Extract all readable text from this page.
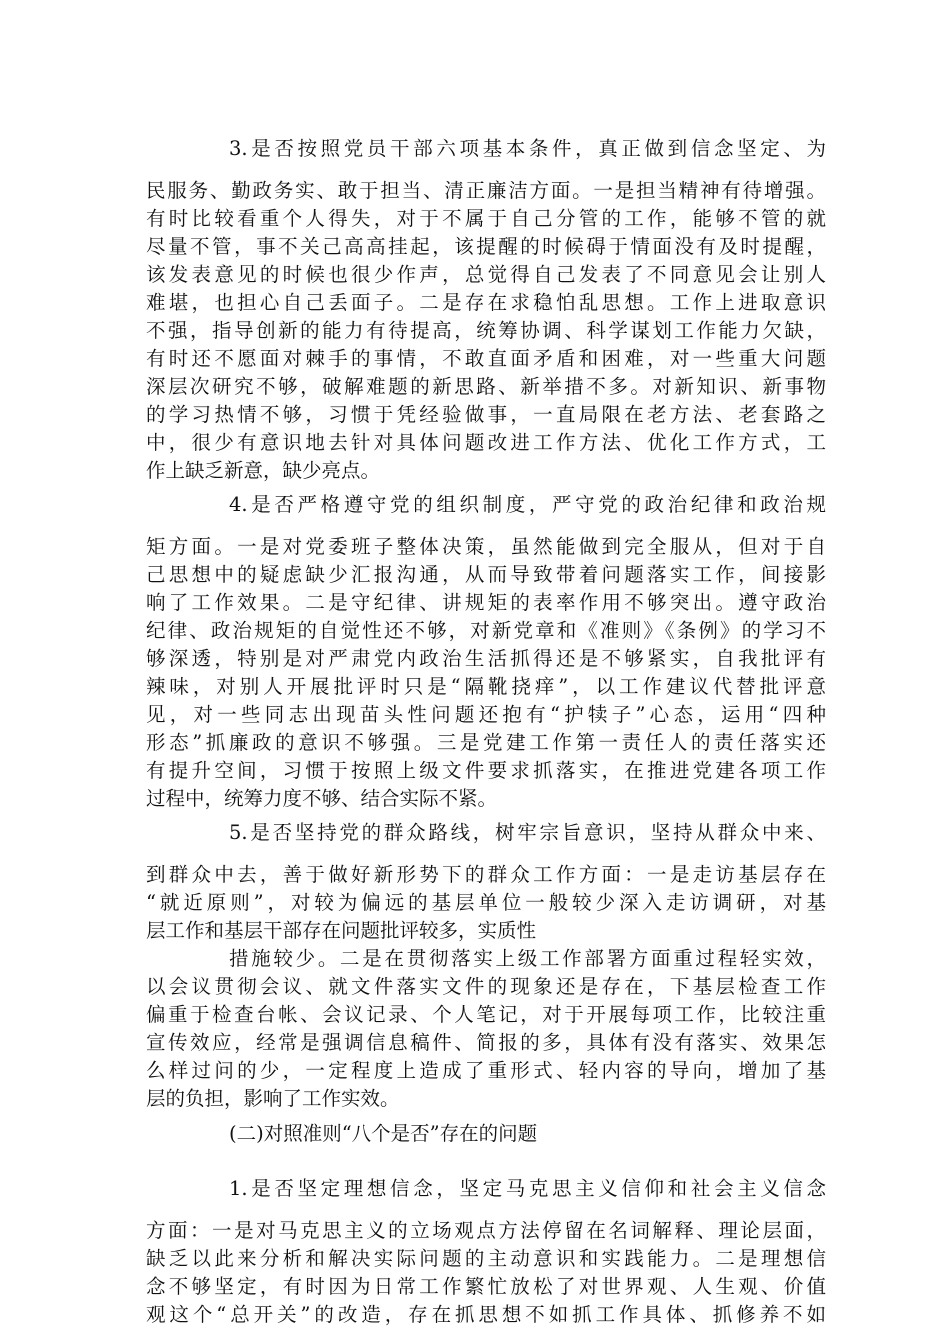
3.是否按照党员干部六项基本条件，真正做到信念坚定、为
民服务、勤政务实、敢于担当、清正廉洁方面。一是担当精神有待增强。
有时比较看重个人得失，对于不属于自己分管的工作，能够不管的就
尽量不管，事不关己高高挂起，该提醒的时候碍于情面没有及时提醒，
该发表意见的时候也很少作声，总觉得自己发表了不同意见会让别人
难堪，也担心自己丢面子。二是存在求稳怕乱思想。工作上进取意识
不强，指导创新的能力有待提高，统筹协调、科学谋划工作能力欠缺，
有时还不愿面对棘手的事情，不敢直面矛盾和困难，对一些重大问题
深层次研究不够，破解难题的新思路、新举措不多。对新知识、新事物
的学习热情不够，习惯于凭经验做事，一直局限在老方法、老套路之
中，很少有意识地去针对具体问题改进工作方法、优化工作方式，工
作上缺乏新意，缺少亮点。
4.是否严格遵守党的组织制度，严守党的政治纪律和政治规
矩方面。一是对党委班子整体决策，虽然能做到完全服从，但对于自
己思想中的疑虑缺少汇报沟通，从而导致带着问题落实工作，间接影
响了工作效果。二是守纪律、讲规矩的表率作用不够突出。遵守政治
纪律、政治规矩的自觉性还不够，对新党章和《准则》《条例》的学习不
够深透，特别是对严肃党内政治生活抓得还是不够紧实，自我批评有
辣味，对别人开展批评时只是“隔靴挠痒”，以工作建议代替批评意
见，对一些同志出现苗头性问题还抱有“护犊子”心态，运用“四种
形态”抓廉政的意识不够强。三是党建工作第一责任人的责任落实还
有提升空间，习惯于按照上级文件要求抓落实，在推进党建各项工作
过程中，统筹力度不够、结合实际不紧。
5.是否坚持党的群众路线，树牢宗旨意识，坚持从群众中来、
到群众中去，善于做好新形势下的群众工作方面：一是走访基层存在
“就近原则”，对较为偏远的基层单位一般较少深入走访调研，对基
层工作和基层干部存在问题批评较多，实质性
措施较少。二是在贯彻落实上级工作部署方面重过程轻实效，
以会议贯彻会议、就文件落实文件的现象还是存在，下基层检查工作
偏重于检查台帐、会议记录、个人笔记，对于开展每项工作，比较注重
宣传效应，经常是强调信息稿件、简报的多，具体有没有落实、效果怎
么样过问的少，一定程度上造成了重形式、轻内容的导向，增加了基
层的负担，影响了工作实效。
(二)对照准则“八个是否”存在的问题
1.是否坚定理想信念，坚定马克思主义信仰和社会主义信念
方面：一是对马克思主义的立场观点方法停留在名词解释、理论层面，
缺乏以此来分析和解决实际问题的主动意识和实践能力。二是理想信
念不够坚定，有时因为日常工作繁忙放松了对世界观、人生观、价值
观这个“总开关”的改造，存在抓思想不如抓工作具体、抓修养不如
